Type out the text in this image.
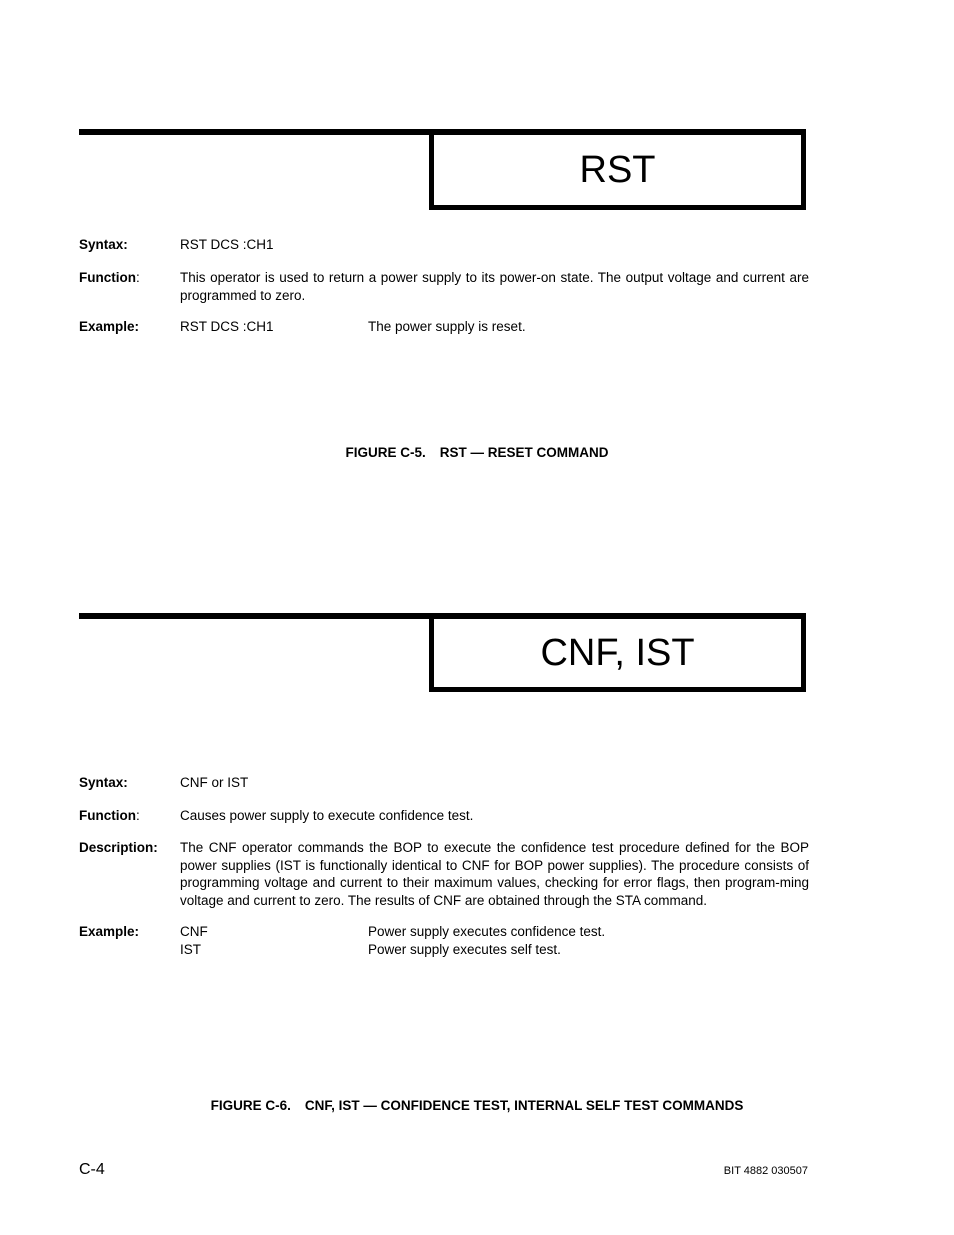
RST
Syntax:	RST DCS :CH1
Function:	This operator is used to return a power supply to its power-on state. The output voltage and current are programmed to zero.
Example:	RST DCS :CH1	The power supply is reset.
FIGURE C-5. RST — RESET COMMAND
CNF, IST
Syntax:	CNF or IST
Function:	Causes power supply to execute confidence test.
Description: The CNF operator commands the BOP to execute the confidence test procedure defined for the BOP power supplies (IST is functionally identical to CNF for BOP power supplies). The procedure consists of programming voltage and current to their maximum values, checking for error flags, then program-ming voltage and current to zero. The results of CNF are obtained through the STA command.
Example:	CNF	Power supply executes confidence test.
IST	Power supply executes self test.
FIGURE C-6. CNF, IST — CONFIDENCE TEST, INTERNAL SELF TEST COMMANDS
C-4	BIT 4882 030507
